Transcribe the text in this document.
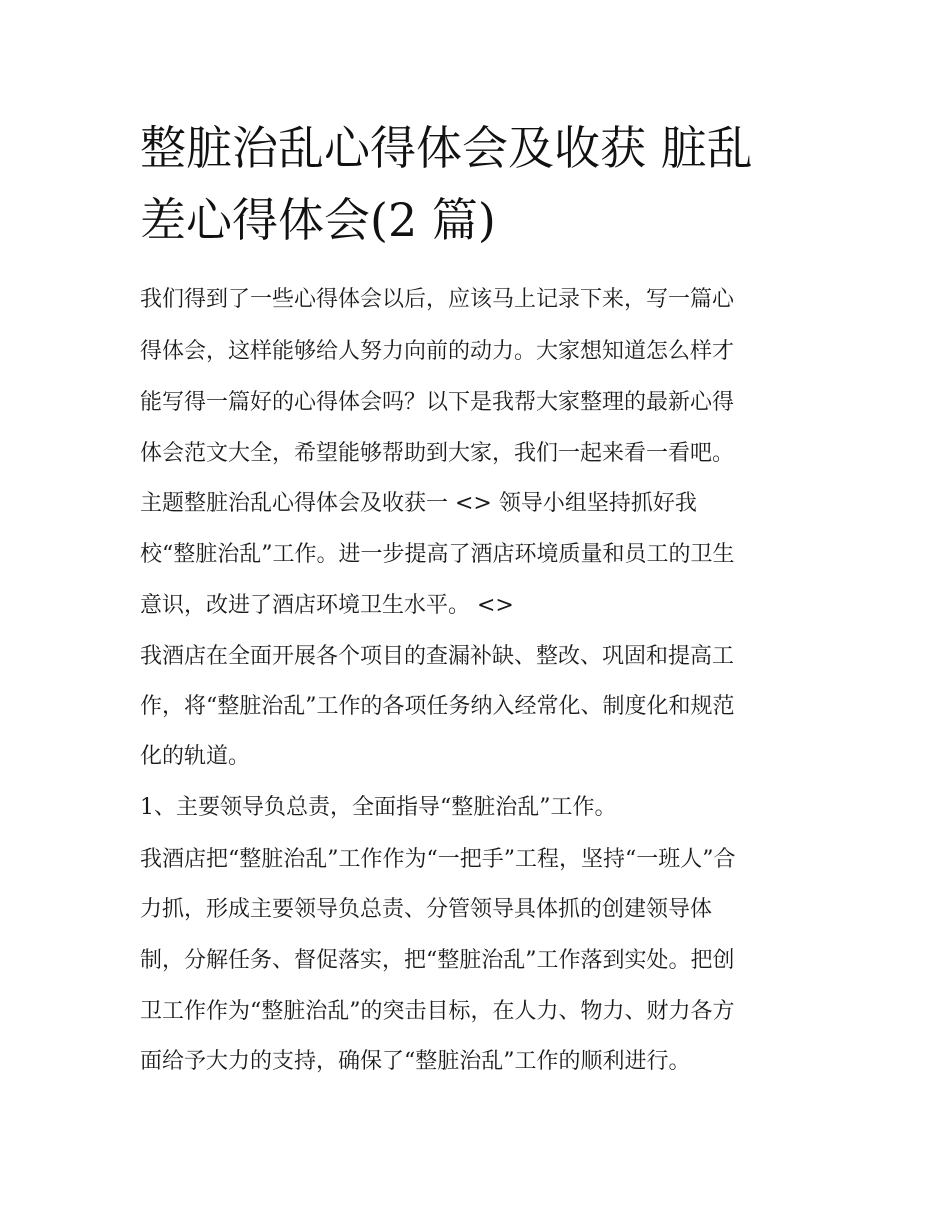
整脏治乱心得体会及收获 脏乱
差心得体会(2 篇)

我们得到了一些心得体会以后，应该马上记录下来，写一篇心

得体会，这样能够给人努力向前的动力。大家想知道怎么样才

能写得一篇好的心得体会吗？以下是我帮大家整理的最新心得

体会范文大全，希望能够帮助到大家，我们一起来看一看吧。

主题整脏治乱心得体会及收获一 <> 领导小组坚持抓好我

校“整脏治乱”工作。进一步提高了酒店环境质量和员工的卫生

意识，改进了酒店环境卫生水平。 <>

我酒店在全面开展各个项目的查漏补缺、整改、巩固和提高工

作，将“整脏治乱”工作的各项任务纳入经常化、制度化和规范

化的轨道。

1、主要领导负总责，全面指导“整脏治乱”工作。

我酒店把“整脏治乱”工作作为“一把手”工程，坚持“一班人”合

力抓，形成主要领导负总责、分管领导具体抓的创建领导体

制，分解任务、督促落实，把“整脏治乱”工作落到实处。把创

卫工作作为“整脏治乱”的突击目标，在人力、物力、财力各方

面给予大力的支持，确保了“整脏治乱”工作的顺利进行。
